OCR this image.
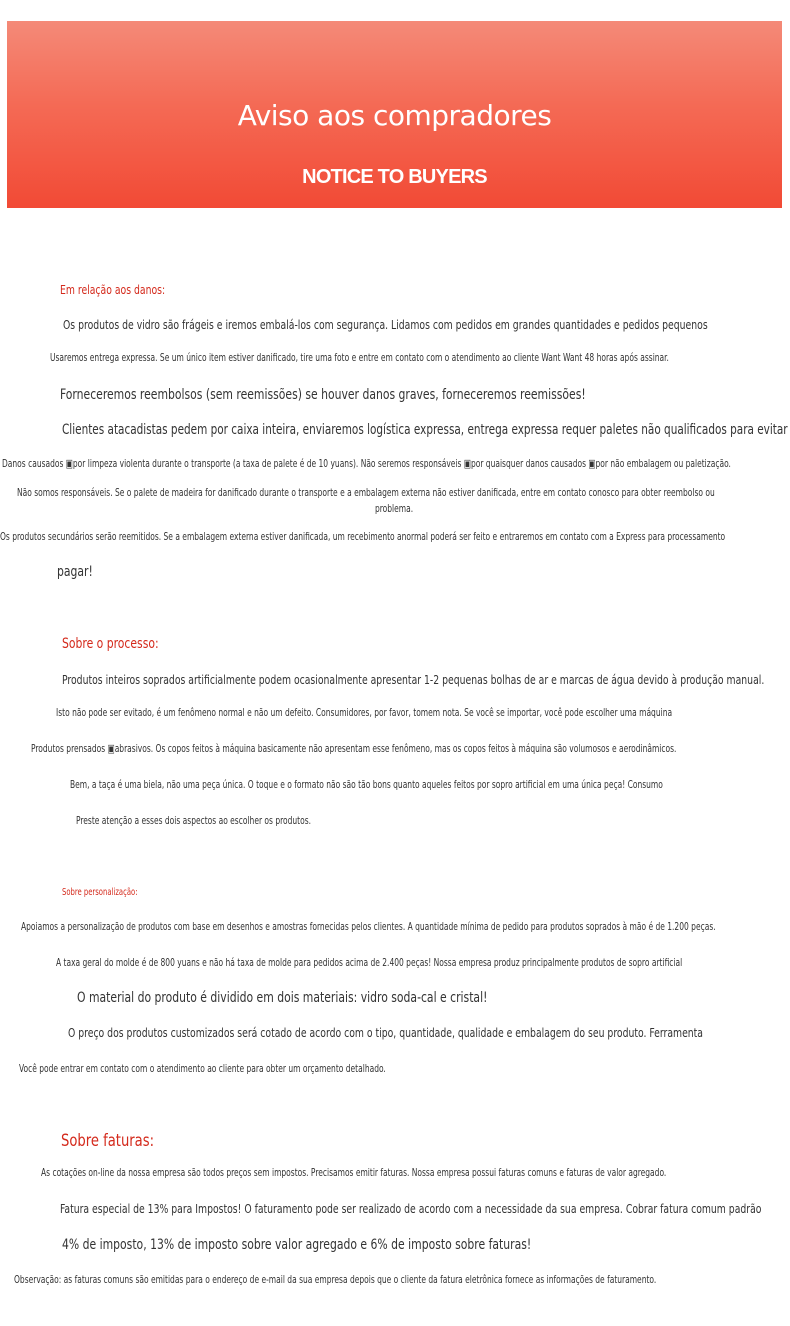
Aviso aos compradores
NOTICE TO BUYERS
Em relação aos danos:
Os produtos de vidro são frágeis e iremos embalá-los com segurança. Lidamos com pedidos em grandes quantidades e pedidos pequenos
Usaremos entrega expressa. Se um único item estiver danificado, tire uma foto e entre em contato com o atendimento ao cliente Want Want 48 horas após assinar.
Forneceremos reembolsos (sem reemissões) se houver danos graves, forneceremos reemissões!
Clientes atacadistas pedem por caixa inteira, enviaremos logística expressa, entrega expressa requer paletes não qualificados para evitar
Danos causados ▣por limpeza violenta durante o transporte (a taxa de palete é de 10 yuans). Não seremos responsáveis ▣por quaisquer danos causados ▣por não embalagem ou paletização.
Não somos responsáveis. Se o palete de madeira for danificado durante o transporte e a embalagem externa não estiver danificada, entre em contato conosco para obter reembolso ou
problema.
Os produtos secundários serão reemitidos. Se a embalagem externa estiver danificada, um recebimento anormal poderá ser feito e entraremos em contato com a Express para processamento
pagar!
Sobre o processo:
Produtos inteiros soprados artificialmente podem ocasionalmente apresentar 1-2 pequenas bolhas de ar e marcas de água devido à produção manual.
Isto não pode ser evitado, é um fenômeno normal e não um defeito. Consumidores, por favor, tomem nota. Se você se importar, você pode escolher uma máquina
Produtos prensados ▣abrasivos. Os copos feitos à máquina basicamente não apresentam esse fenômeno, mas os copos feitos à máquina são volumosos e aerodinâmicos.
Bem, a taça é uma biela, não uma peça única. O toque e o formato não são tão bons quanto aqueles feitos por sopro artificial em uma única peça! Consumo
Preste atenção a esses dois aspectos ao escolher os produtos.
Sobre personalização:
Apoiamos a personalização de produtos com base em desenhos e amostras fornecidas pelos clientes. A quantidade mínima de pedido para produtos soprados à mão é de 1.200 peças.
A taxa geral do molde é de 800 yuans e não há taxa de molde para pedidos acima de 2.400 peças! Nossa empresa produz principalmente produtos de sopro artificial
O material do produto é dividido em dois materiais: vidro soda-cal e cristal!
O preço dos produtos customizados será cotado de acordo com o tipo, quantidade, qualidade e embalagem do seu produto. Ferramenta
Você pode entrar em contato com o atendimento ao cliente para obter um orçamento detalhado.
Sobre faturas:
As cotações on-line da nossa empresa são todos preços sem impostos. Precisamos emitir faturas. Nossa empresa possui faturas comuns e faturas de valor agregado.
Fatura especial de 13% para Impostos! O faturamento pode ser realizado de acordo com a necessidade da sua empresa. Cobrar fatura comum padrão
4% de imposto, 13% de imposto sobre valor agregado e 6% de imposto sobre faturas!
Observação: as faturas comuns são emitidas para o endereço de e-mail da sua empresa depois que o cliente da fatura eletrônica fornece as informações de faturamento.
